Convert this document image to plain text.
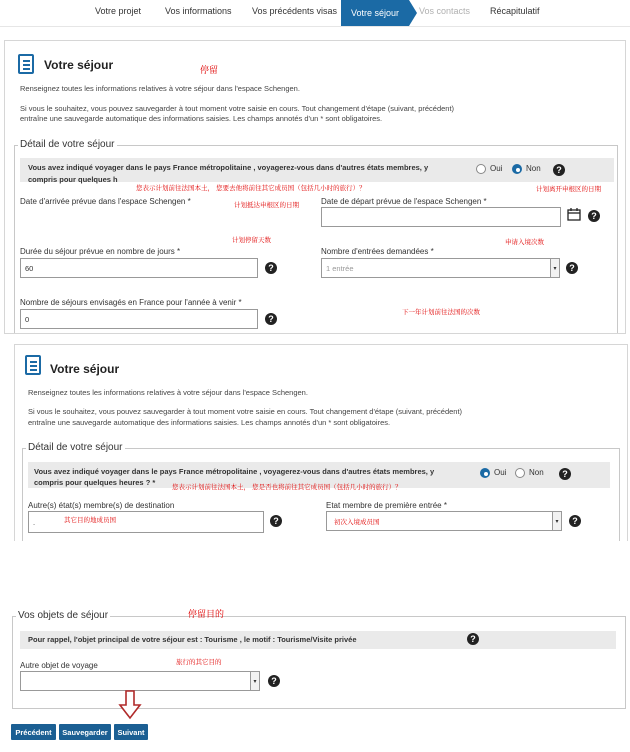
Votre projet	Vos informations Vos précédents visas	Votre séjour	Vos contacts Récapitulatif
Votre séjour	停留
Renseignez toutes les informations relatives à votre séjour dans l'espace Schengen.
Si vous le souhaitez, vous pouvez sauvegarder à tout moment votre saisie en cours. Tout changement d'étape (suivant, précédent)
entraîne une sauvegarde automatique des informations saisies. Les champs annotés d'un * sont obligatoires.
Détail de votre séjour
Vous avez indiqué voyager dans le pays France métropolitaine , voyagerez-vous dans d'autres états membres, y
compris pour quelques h
Oui	Non	?
您表示计划前往法国本土， 您要去他将前往其它成员国（包括几小时的旅行）？	计划离开申根区的日期
Date d'arrivée prévue dans l'espace Schengen *	计划抵达申根区的日期	Date de départ prévue de l'espace Schengen *
?
计划停留天数	申请入境次数
Durée du séjour prévue en nombre de jours *
60	?
Nombre d'entrées demandées *
1 entrée	▾	?
Nombre de séjours envisagés en France pour l'année à venir *
0	?
下一年计划前往法国的次数
Votre séjour
Renseignez toutes les informations relatives à votre séjour dans l'espace Schengen.
Si vous le souhaitez, vous pouvez sauvegarder à tout moment votre saisie en cours. Tout changement d'étape (suivant, précédent)
entraîne une sauvegarde automatique des informations saisies. Les champs annotés d'un * sont obligatoires.
Détail de votre séjour
Vous avez indiqué voyager dans le pays France métropolitaine , voyagerez-vous dans d'autres états membres, y
compris pour quelques heures ? *
Oui	Non	?
您表示计划前往法国本土， 您是否也将前往其它成员国（包括几小时的旅行）？
Autre(s) état(s) membre(s) de destination
.	其它目的地成员国	?
Etat membre de première entrée *
▾
初次入境成员国	?
Vos objets de séjour	停留目的
Pour rappel, l'objet principal de votre séjour est : Tourisme , le motif : Tourisme/Visite privée	?
Autre objet de voyage	旅行的其它目的
▾	?
Précédent	Sauvegarder	Suivant
